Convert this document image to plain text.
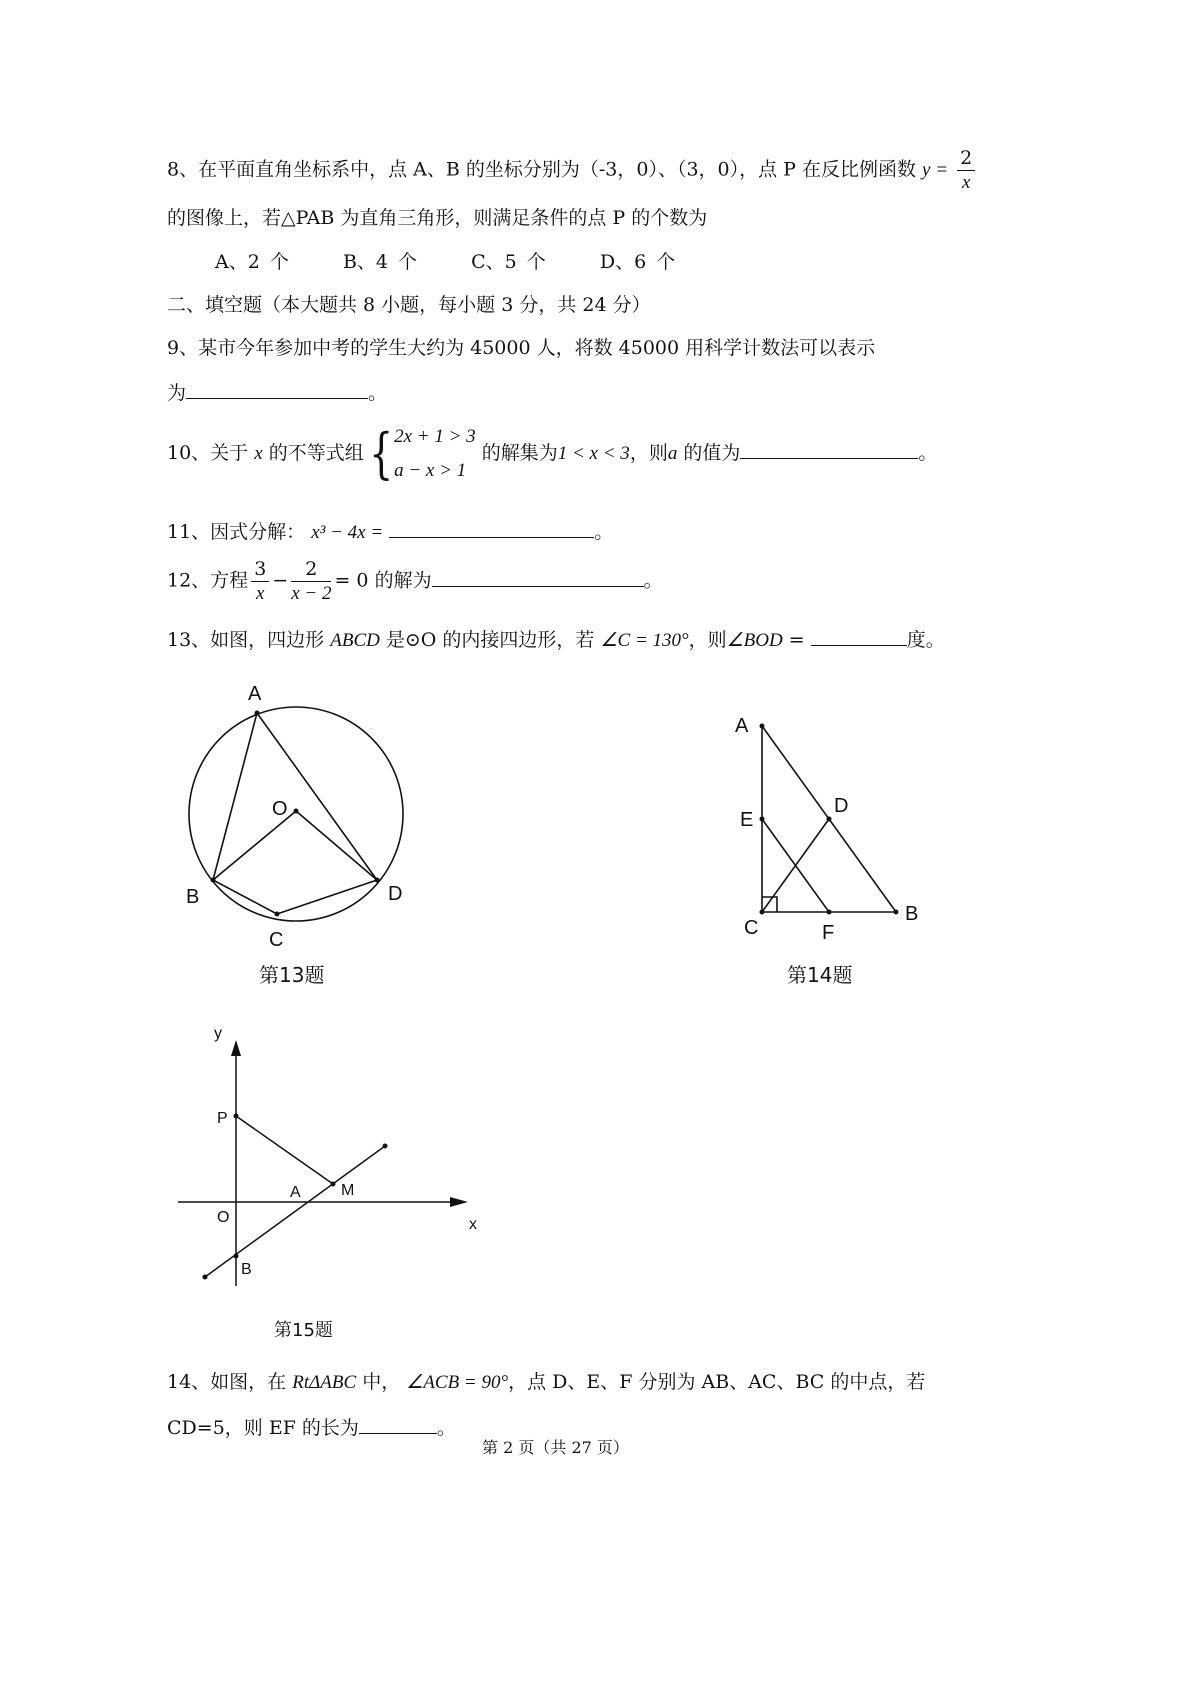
8、在平面直角坐标系中，点 A、B 的坐标分别为（-3，0）、（3，0），点 P 在反比例函数 $y = \frac{2}{x}$
的图像上，若△PAB 为直角三角形，则满足条件的点 P 的个数为
A、2 个	B、4 个	C、5 个	D、6 个
二、填空题（本大题共 8 小题，每小题 3 分，共 24 分）
9、某市今年参加中考的学生大约为 45000 人，将数 45000 用科学计数法可以表示
为	。
10、关于 x 的不等式组{ 2x + 1 > 3
a − x > 1
的解集为1 < x < 3，则a 的值为	。
11、因式分解： x³ − 4x =	。
12、方程 $\frac{3}{x} - \frac{2}{x - 2} = 0$ 的解为	。
13、如图，四边形 ABCD 是⊙O 的内接四边形，若 ∠C = 130°，则∠BOD =	度。
A
O
B	D
C
A
E
D
C	F
B
y
P
A	M
O	x
B
第13题	第14题
第15题
14、如图，在 RtΔABC 中， ∠ACB = 90°，点 D、E、F 分别为 AB、AC、BC 的中点，若
CD=5，则 EF 的长为	。
第 2 页（共 27 页）
